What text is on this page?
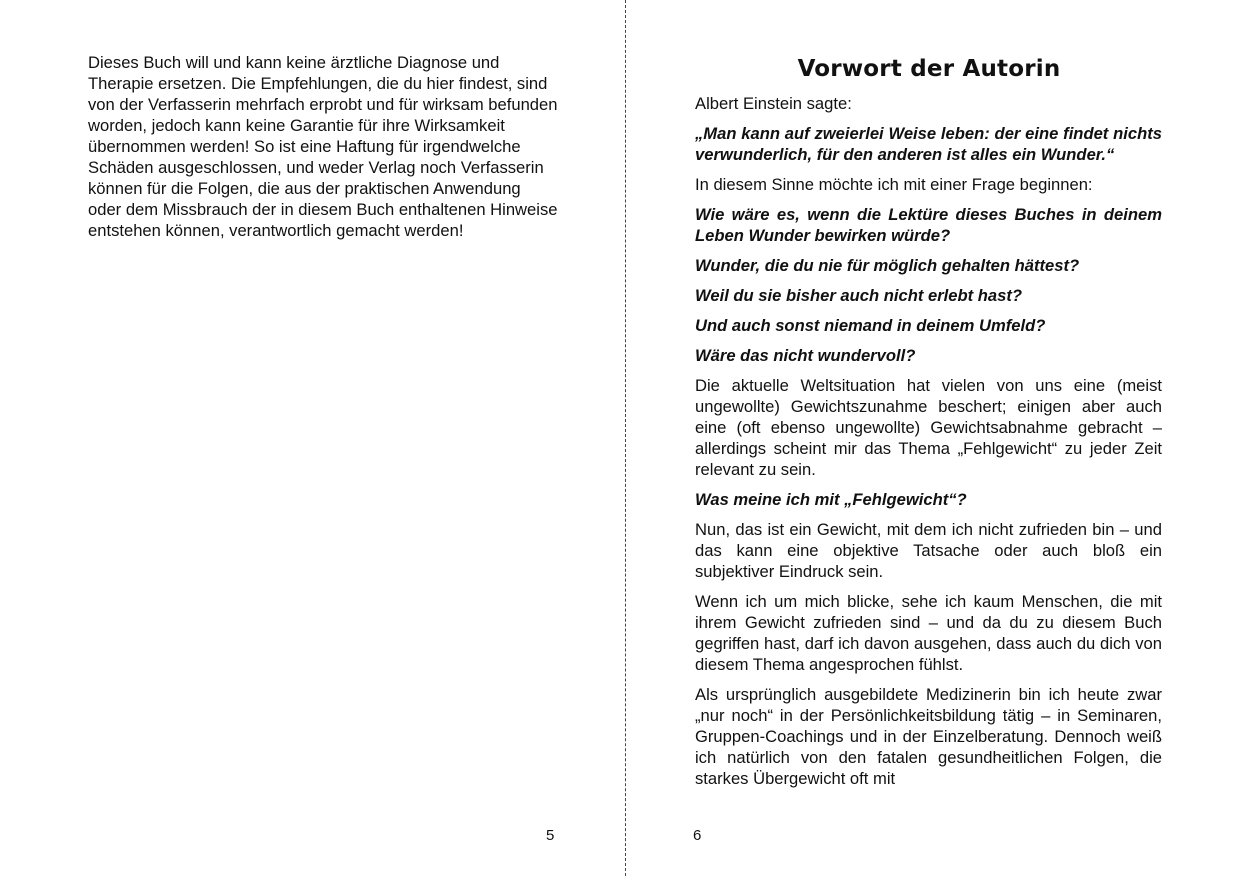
Dieses Buch will und kann keine ärztliche Diagnose und Therapie ersetzen. Die Empfehlungen, die du hier findest, sind von der Verfasserin mehrfach erprobt und für wirksam befunden worden, jedoch kann keine Garantie für ihre Wirksamkeit übernommen werden! So ist eine Haftung für irgendwelche Schäden ausgeschlossen, und weder Verlag noch Verfasserin können für die Folgen, die aus der praktischen Anwendung oder dem Missbrauch der in diesem Buch enthaltenen Hinweise entstehen können, verantwortlich gemacht werden!

5

Vorwort der Autorin

Albert Einstein sagte:

„Man kann auf zweierlei Weise leben: der eine findet nichts verwunderlich, für den anderen ist alles ein Wunder.“

In diesem Sinne möchte ich mit einer Frage beginnen:

Wie wäre es, wenn die Lektüre dieses Buches in deinem Leben Wunder bewirken würde?

Wunder, die du nie für möglich gehalten hättest?

Weil du sie bisher auch nicht erlebt hast?

Und auch sonst niemand in deinem Umfeld?

Wäre das nicht wundervoll?

Die aktuelle Weltsituation hat vielen von uns eine (meist ungewollte) Gewichtszunahme beschert; einigen aber auch eine (oft ebenso ungewollte) Gewichtsabnahme gebracht – allerdings scheint mir das Thema „Fehlgewicht“ zu jeder Zeit relevant zu sein.

Was meine ich mit „Fehlgewicht“?

Nun, das ist ein Gewicht, mit dem ich nicht zufrieden bin – und das kann eine objektive Tatsache oder auch bloß ein subjektiver Eindruck sein.

Wenn ich um mich blicke, sehe ich kaum Menschen, die mit ihrem Gewicht zufrieden sind – und da du zu diesem Buch gegriffen hast, darf ich davon ausgehen, dass auch du dich von diesem Thema angesprochen fühlst.

Als ursprünglich ausgebildete Medizinerin bin ich heute zwar „nur noch“ in der Persönlichkeitsbildung tätig – in Seminaren, Gruppen-Coachings und in der Einzelberatung. Dennoch weiß ich natürlich von den fatalen gesundheitlichen Folgen, die starkes Übergewicht oft mit

6
